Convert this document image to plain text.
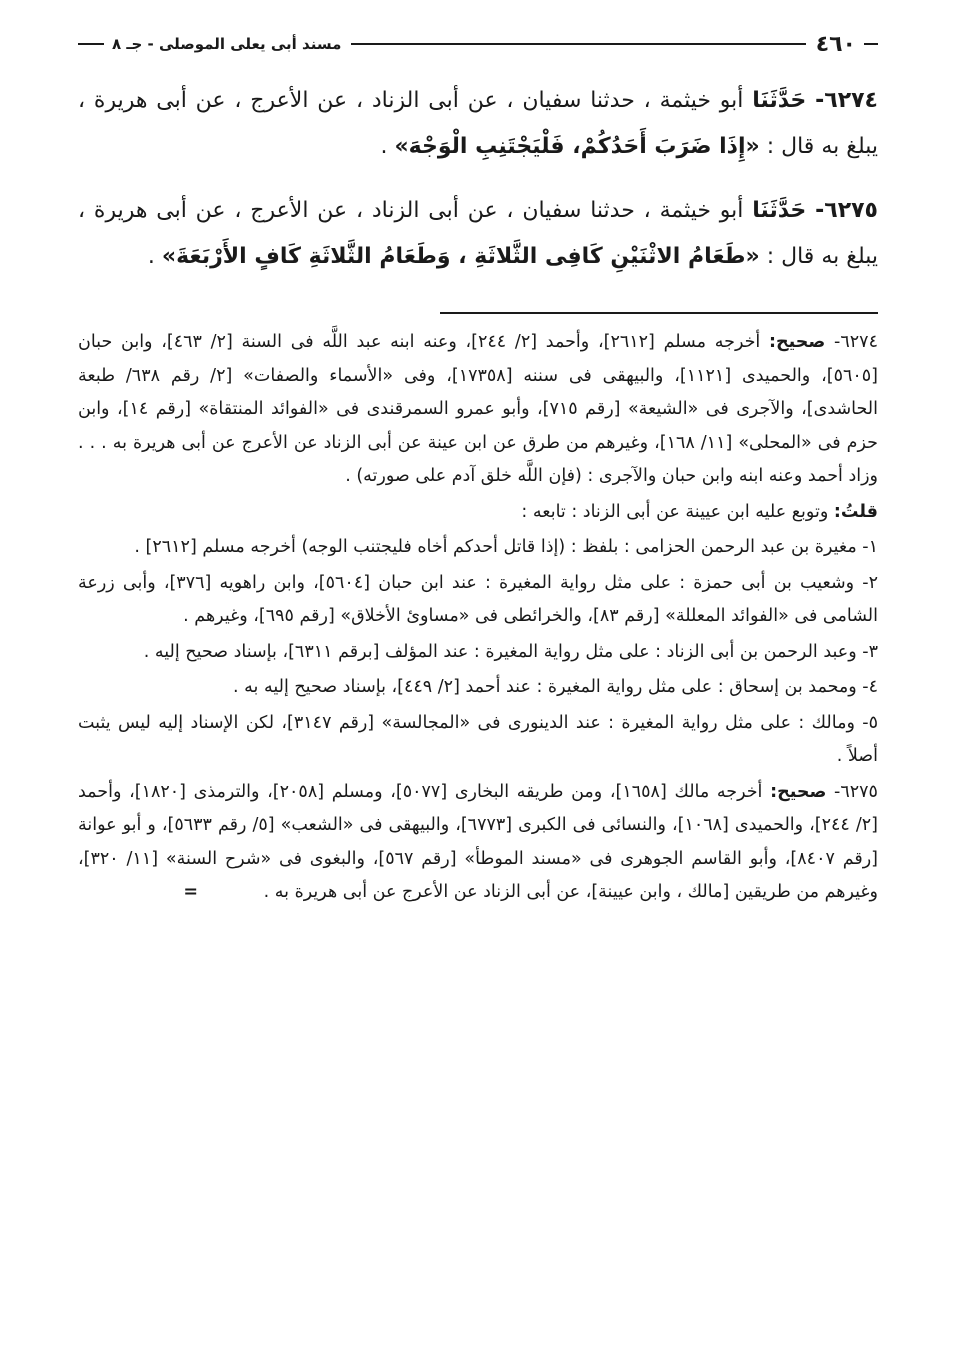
٤٦٠
مسند أبى يعلى الموصلى - جـ ٨

٦٢٧٤- حَدَّثَنَا أبو خيثمة ، حدثنا سفيان ، عن أبى الزناد ، عن الأعرج ، عن أبى هريرة ، يبلغ به قال : «إِذَا ضَرَبَ أَحَدُكُمْ، فَلْيَجْتَنِبِ الْوَجْهَ» .

٦٢٧٥- حَدَّثَنَا أبو خيثمة ، حدثنا سفيان ، عن أبى الزناد ، عن الأعرج ، عن أبى هريرة ، يبلغ به قال : «طَعَامُ الاثْنَيْنِ كَافِى الثَّلاثَةِ ، وَطَعَامُ الثَّلاثَةِ كَافٍ الأَرْبَعَةَ» .

٦٢٧٤- صحيح: أخرجه مسلم [٢٦١٢]، وأحمد [٢/ ٢٤٤]، وعنه ابنه عبد اللَّه فى السنة [٢/ ٤٦٣]، وابن حبان [٥٦٠٥]، والحميدى [١١٢١]، والبيهقى فى سننه [١٧٣٥٨]، وفى «الأسماء والصفات» [٢/ رقم ٦٣٨/ طبعة الحاشدى]، والآجرى فى «الشيعة» [رقم ٧١٥]، وأبو عمرو السمرقندى فى «الفوائد المنتقاة» [رقم ١٤]، وابن حزم فى «المحلى» [١١/ ١٦٨]، وغيرهم من طرق عن ابن عينة عن أبى الزناد عن الأعرج عن أبى هريرة به . . . وزاد أحمد وعنه ابنه وابن حبان والآجرى : (فإن اللَّه خلق آدم على صورته) .

قلتُ: وتوبع عليه ابن عيينة عن أبى الزناد : تابعه :

١- مغيرة بن عبد الرحمن الحزامى : بلفظ : (إذا قاتل أحدكم أخاه فليجتنب الوجه) أخرجه مسلم [٢٦١٢] .

٢- وشعيب بن أبى حمزة : على مثل رواية المغيرة : عند ابن حبان [٥٦٠٤]، وابن راهويه [٣٧٦]، وأبى زرعة الشامى فى «الفوائد المعللة» [رقم ٨٣]، والخرائطى فى «مساوئ الأخلاق» [رقم ٦٩٥]، وغيرهم .

٣- وعبد الرحمن بن أبى الزناد : على مثل رواية المغيرة : عند المؤلف [برقم ٦٣١١]، بإسناد صحيح إليه .

٤- ومحمد بن إسحاق : على مثل رواية المغيرة : عند أحمد [٢/ ٤٤٩]، بإسناد صحيح إليه به .

٥- ومالك : على مثل رواية المغيرة : عند الدينورى فى «المجالسة» [رقم ٣١٤٧]، لكن الإسناد إليه ليس يثبت أصلاً .

٦٢٧٥- صحيح: أخرجه مالك [١٦٥٨]، ومن طريقه البخارى [٥٠٧٧]، ومسلم [٢٠٥٨]، والترمذى [١٨٢٠]، وأحمد [٢/ ٢٤٤]، والحميدى [١٠٦٨]، والنسائى فى الكبرى [٦٧٧٣]، والبيهقى فى «الشعب» [٥/ رقم ٥٦٣٣]، و أبو عوانة [رقم ٨٤٠٧]، وأبو القاسم الجوهرى فى «مسند الموطأ» [رقم ٥٦٧]، والبغوى فى «شرح السنة» [١١/ ٣٢٠]، وغيرهم من طريقين [مالك ، وابن عيينة]، عن أبى الزناد عن الأعرج عن أبى هريرة به . =
